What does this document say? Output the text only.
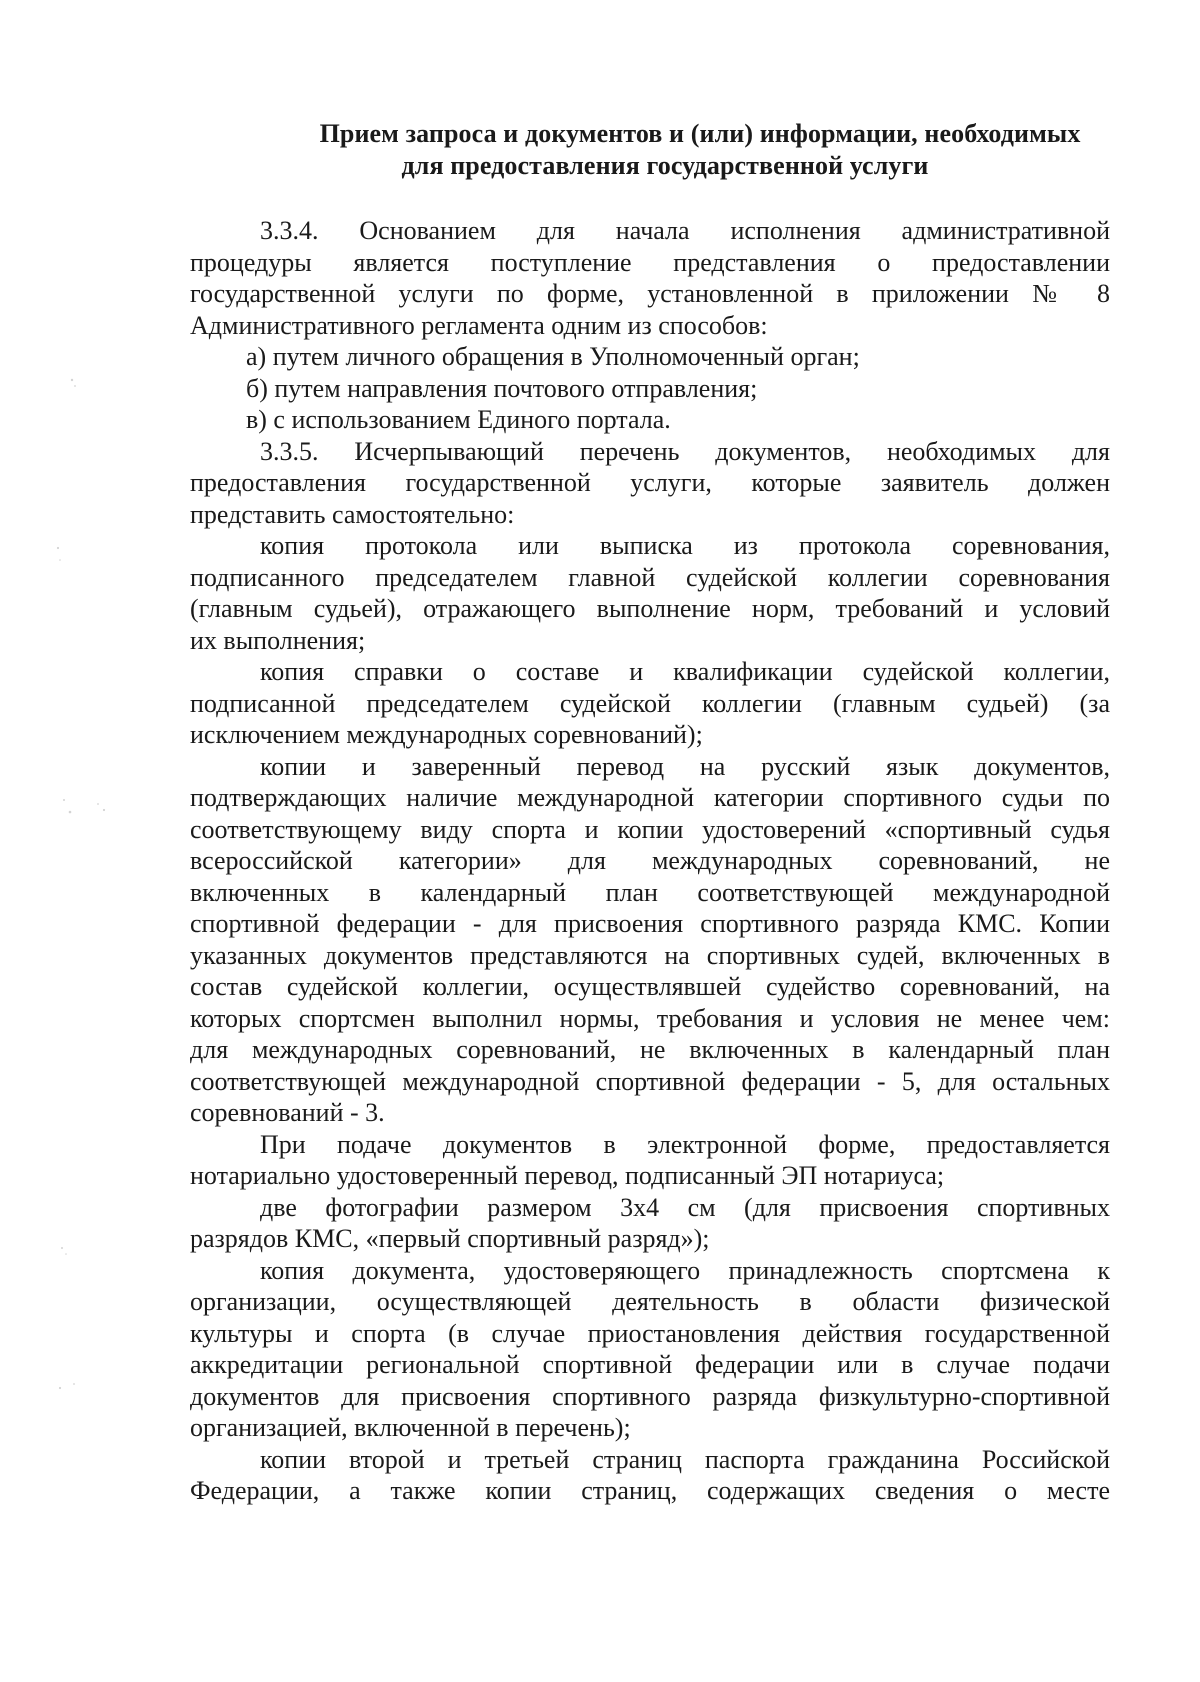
Прием запроса и документов и (или) информации, необходимых
для предоставления государственной услуги

3.3.4. Основанием для начала исполнения административной
процедуры является поступление представления о предоставлении
государственной услуги по форме, установленной в приложении № 8
Административного регламента одним из способов:

а) путем личного обращения в Уполномоченный орган;

б) путем направления почтового отправления;

в) с использованием Единого портала.

3.3.5. Исчерпывающий перечень документов, необходимых для
предоставления государственной услуги, которые заявитель должен
представить самостоятельно:

копия протокола или выписка из протокола соревнования,
подписанного председателем главной судейской коллегии соревнования
(главным судьей), отражающего выполнение норм, требований и условий
их выполнения;

копия справки о составе и квалификации судейской коллегии,
подписанной председателем судейской коллегии (главным судьей) (за
исключением международных соревнований);

копии и заверенный перевод на русский язык документов,
подтверждающих наличие международной категории спортивного судьи по
соответствующему виду спорта и копии удостоверений «спортивный судья
всероссийской категории» для международных соревнований, не
включенных в календарный план соответствующей международной
спортивной федерации - для присвоения спортивного разряда КМС. Копии
указанных документов представляются на спортивных судей, включенных в
состав судейской коллегии, осуществлявшей судейство соревнований, на
которых спортсмен выполнил нормы, требования и условия не менее чем:
для международных соревнований, не включенных в календарный план
соответствующей международной спортивной федерации - 5, для остальных
соревнований - 3.

При подаче документов в электронной форме, предоставляется
нотариально удостоверенный перевод, подписанный ЭП нотариуса;

две фотографии размером 3х4 см (для присвоения спортивных
разрядов КМС, «первый спортивный разряд»);

копия документа, удостоверяющего принадлежность спортсмена к
организации, осуществляющей деятельность в области физической
культуры и спорта (в случае приостановления действия государственной
аккредитации региональной спортивной федерации или в случае подачи
документов для присвоения спортивного разряда физкультурно-спортивной
организацией, включенной в перечень);

копии второй и третьей страниц паспорта гражданина Российской
Федерации, а также копии страниц, содержащих сведения о месте
